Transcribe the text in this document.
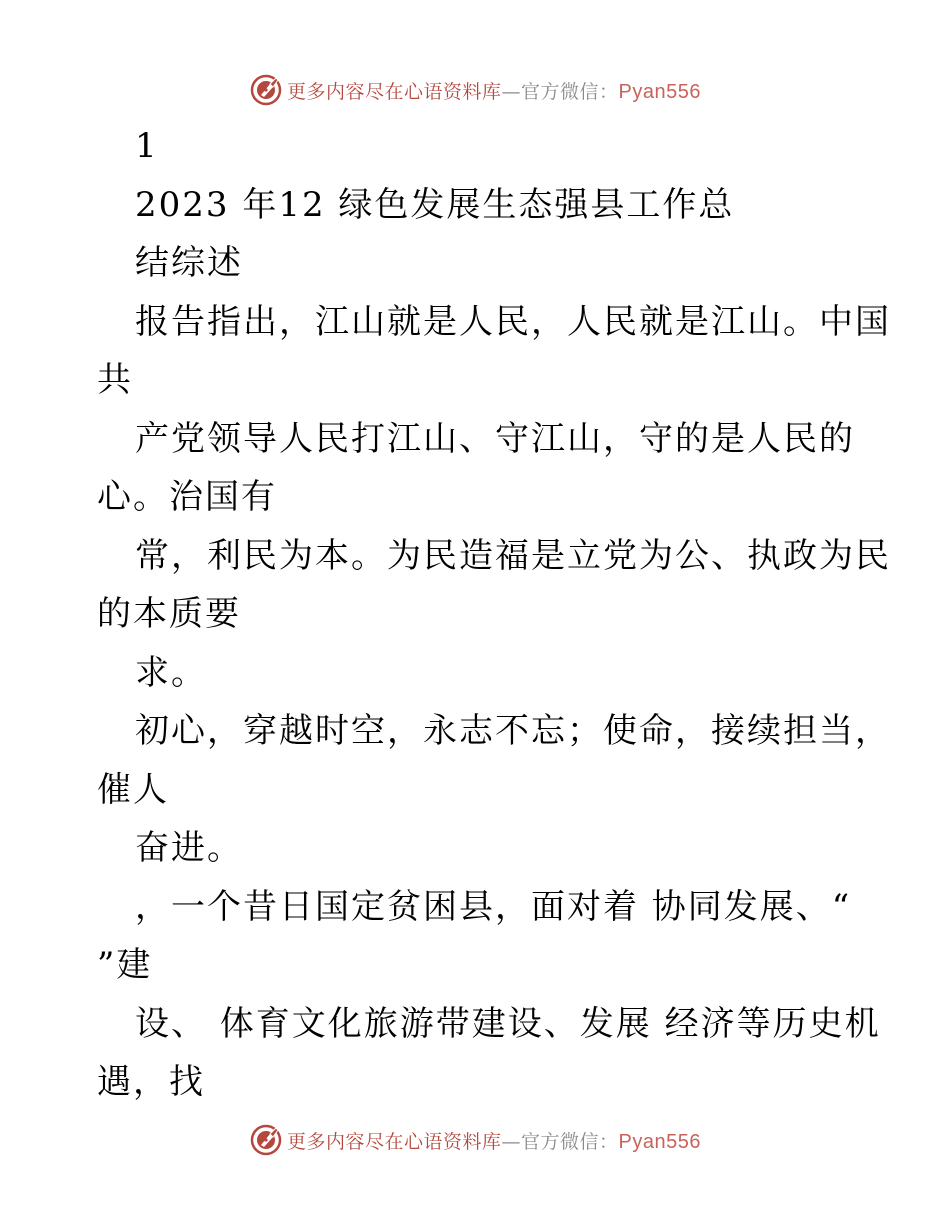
更多内容尽在心语资料库—官方微信：Pyan556
1
2023 年12 绿色发展生态强县工作总
结综述
报告指出，江山就是人民，人民就是江山。中国
共
产党领导人民打江山、守江山，守的是人民的
心。治国有
常，利民为本。为民造福是立党为公、执政为民
的本质要
求。
初心，穿越时空，永志不忘；使命，接续担当，
催人
奋进。
，一个昔日国定贫困县，面对着 协同发展、“
”建
设、 体育文化旅游带建设、发展 经济等历史机
遇，找
更多内容尽在心语资料库—官方微信：Pyan556
